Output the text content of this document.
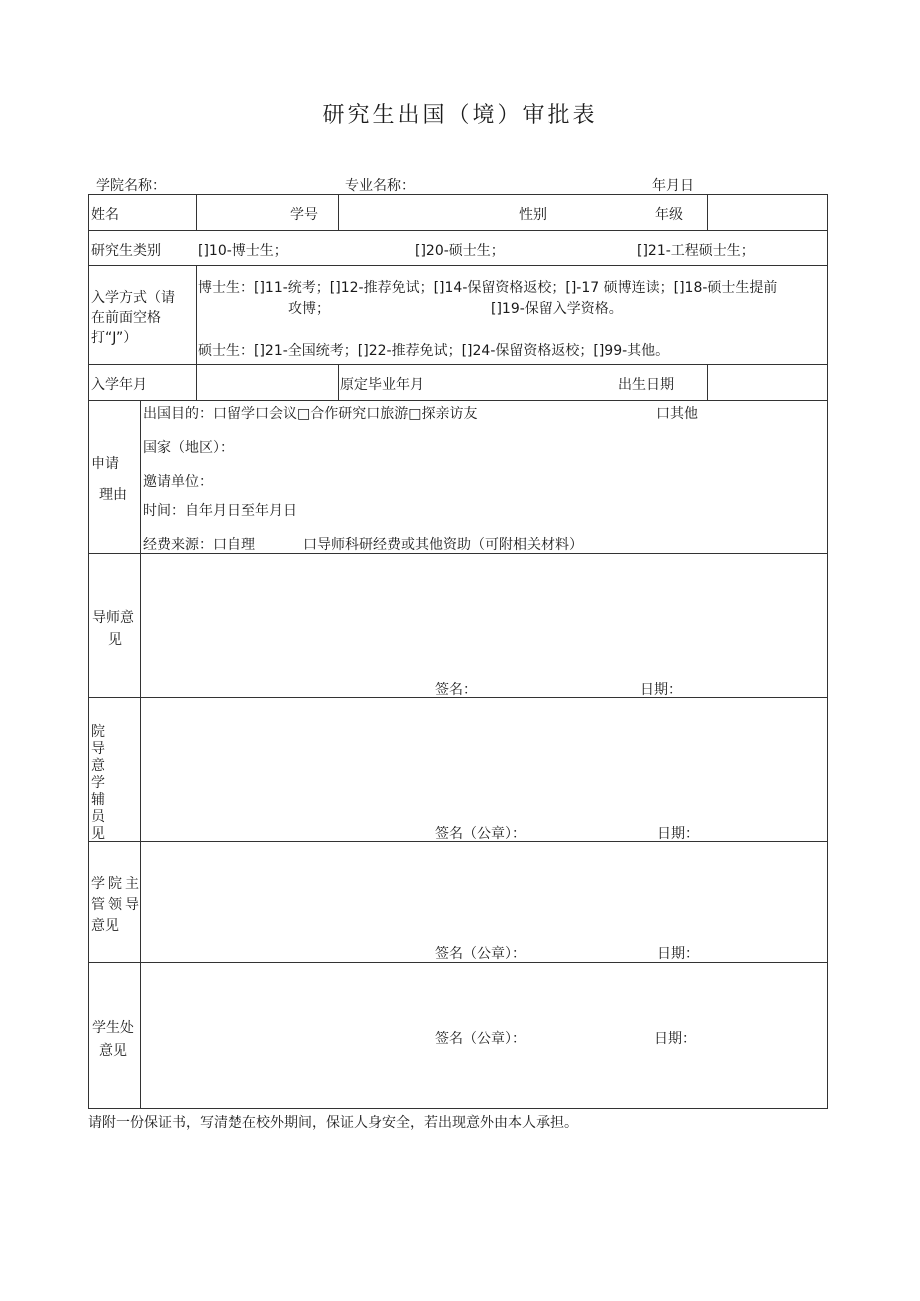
研究生出国（境）审批表
学院名称：	专业名称：	年月日
姓名	学号	性别	年级
研究生类别	[]10-博士生；	[]20-硕士生；	[]21-工程硕士生；
入学方式（请
在前面空格
打“J”）
博士生：[]11-统考；[]12-推荐免试；[]14-保留资格返校；[]-17 硕博连读；[]18-硕士生提前
攻博；	[]19-保留入学资格。
硕士生：[]21-全国统考；[]22-推荐免试；[]24-保留资格返校；[]99-其他。
入学年月	原定毕业年月	出生日期
申请
理由
出国目的：口留学口会议□合作研究口旅游□探亲访友	口其他
国家（地区）：
邀请单位：
时间：自年月日至年月日
经费来源：口自理	口导师科研经费或其他资助（可附相关材料）
导师意
见
签名：	日期：
院
导
意
学
辅
员
见	签名（公章）：	日期：
学院主
管领导
意见
签名（公章）：	日期：
学生处
意见
签名（公章）：	日期：
请附一份保证书，写清楚在校外期间，保证人身安全，若出现意外由本人承担。
